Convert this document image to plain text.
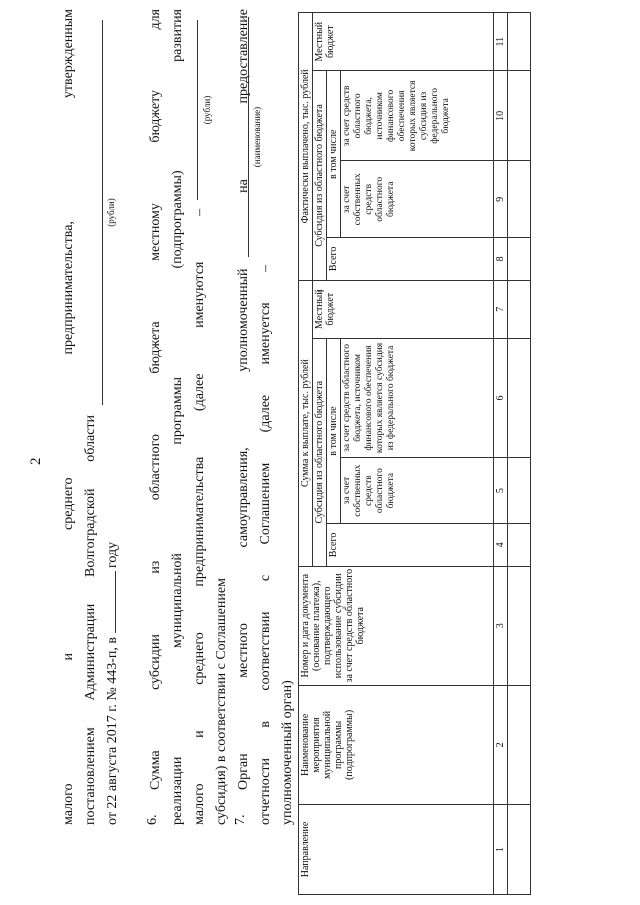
2
малого и среднего предпринимательства, утвержденным
постановлением Администрации Волгоградской области
от 22 августа 2017 г. № 443-п, в  году
(рубли)
6.
Сумма субсидии из областного бюджета местному бюджету для реализации муниципальной программы (подпрограммы) развития малого и среднего предпринимательства (далее именуются – субсидия) в соответствии с Соглашением
(рубли)
7.
Орган местного самоуправления, уполномоченный на предоставление отчетности в соответствии с Соглашением (далее именуется – уполномоченный орган)
(наименование)
Направление	Наименование мероприятия муниципальной программы (подпрограммы)	Номер и дата документа (основание платежа), подтверждающего использование субсидии за счет средств областного бюджета	Сумма к выплате, тыс. рублей				Фактически выплачено, тыс. рублей			
			Субсидия из областного бюджета			Местный бюджет	Субсидия из областного бюджета			Местный бюджет
			Всего	в том числе			Всего	в том числе		
				за счет собственных средств областного бюджета	за счет средств областного бюджета, источником финансового обеспечения которых является субсидия из федерального бюджета			за счет собственных средств областного бюджета	за счет средств областного бюджета, источником финансового обеспечения которых является субсидия из федерального бюджета	
1	2	3	4	5	6	7	8	9	10	11
